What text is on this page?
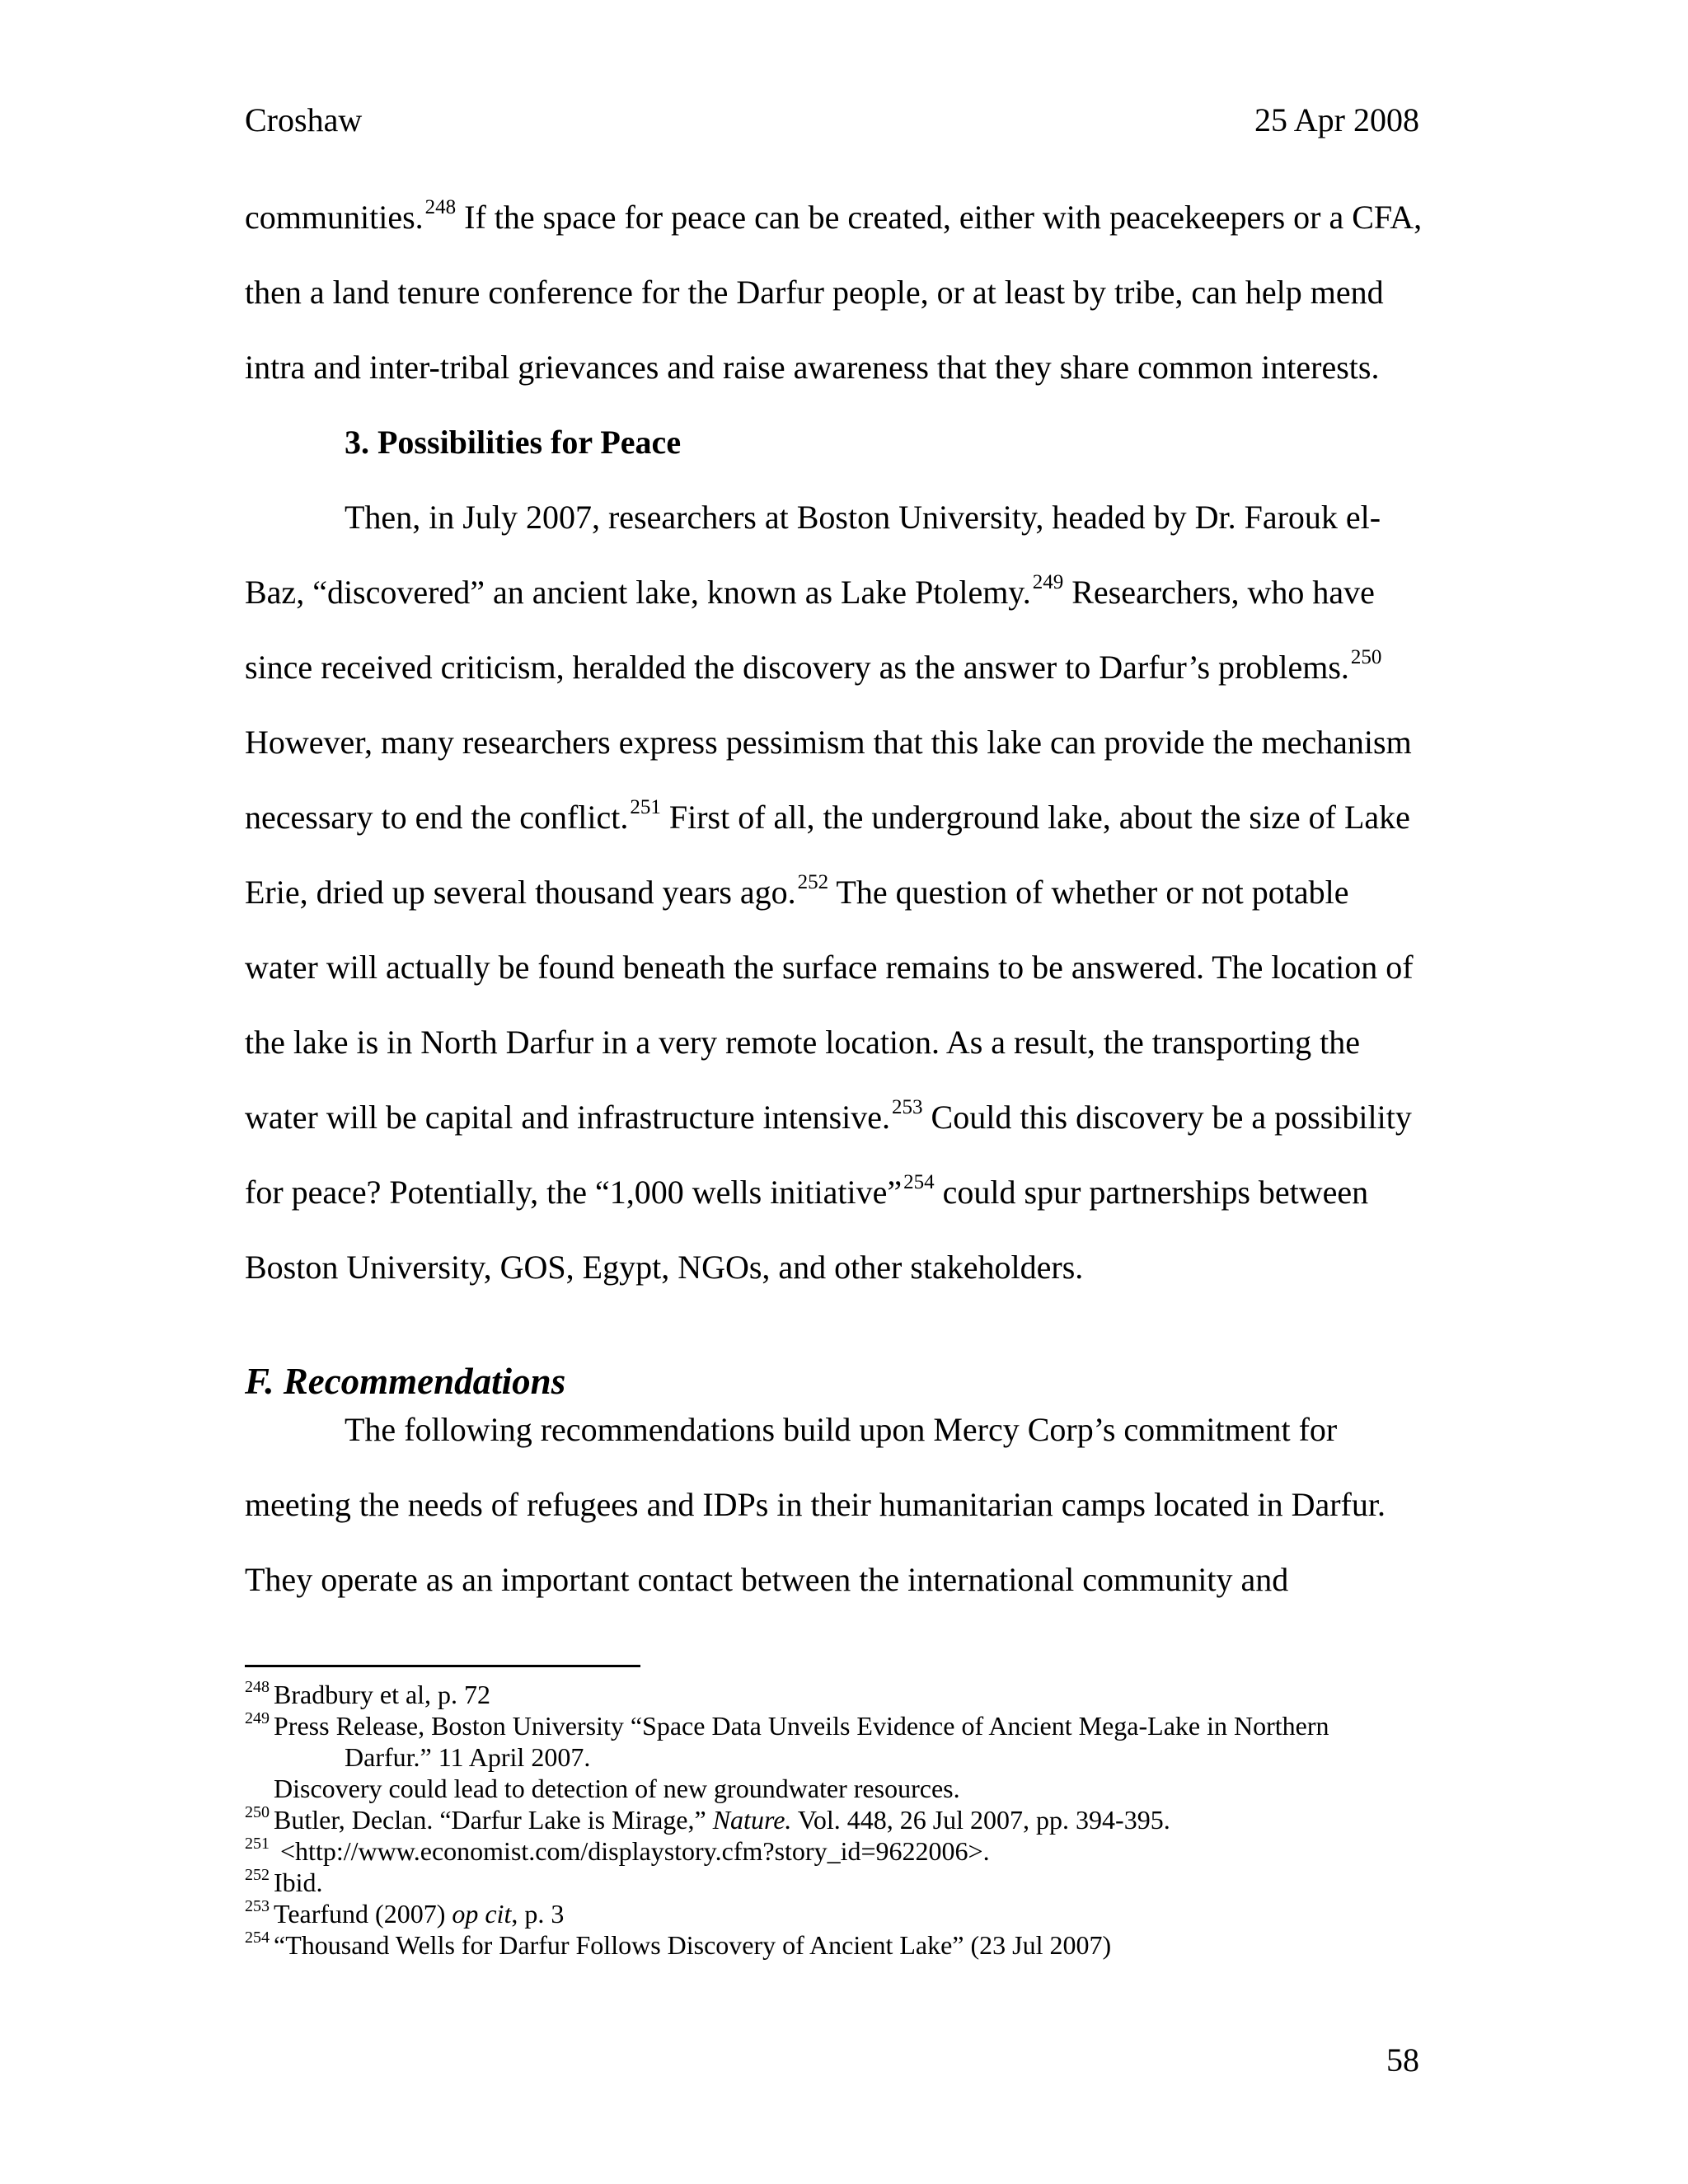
Croshaw	25 Apr 2008
communities.$^{248}$ If the space for peace can be created, either with peacekeepers or a CFA,
then a land tenure conference for the Darfur people, or at least by tribe, can help mend
intra and inter-tribal grievances and raise awareness that they share common interests.
3. Possibilities for Peace
Then, in July 2007, researchers at Boston University, headed by Dr. Farouk el-
Baz, “discovered” an ancient lake, known as Lake Ptolemy.$^{249}$ Researchers, who have
since received criticism, heralded the discovery as the answer to Darfur’s problems.$^{250}$
However, many researchers express pessimism that this lake can provide the mechanism
necessary to end the conflict.$^{251}$ First of all, the underground lake, about the size of Lake
Erie, dried up several thousand years ago.$^{252}$ The question of whether or not potable
water will actually be found beneath the surface remains to be answered. The location of
the lake is in North Darfur in a very remote location. As a result, the transporting the
water will be capital and infrastructure intensive.$^{253}$ Could this discovery be a possibility
for peace? Potentially, the “1,000 wells initiative”$^{254}$ could spur partnerships between
Boston University, GOS, Egypt, NGOs, and other stakeholders.
F. Recommendations
The following recommendations build upon Mercy Corp’s commitment for
meeting the needs of refugees and IDPs in their humanitarian camps located in Darfur.
They operate as an important contact between the international community and
$^{248}$ Bradbury et al, p. 72
$^{249}$ Press Release, Boston University “Space Data Unveils Evidence of Ancient Mega-Lake in Northern
Darfur.” 11 April 2007.
Discovery could lead to detection of new groundwater resources.
$^{250}$ Butler, Declan. “Darfur Lake is Mirage,” Nature. Vol. 448, 26 Jul 2007, pp. 394-395.
$^{251}$ <http://www.economist.com/displaystory.cfm?story_id=9622006>.
$^{252}$ Ibid.
$^{253}$ Tearfund (2007) op cit, p. 3
$^{254}$ “Thousand Wells for Darfur Follows Discovery of Ancient Lake” (23 Jul 2007)
58
